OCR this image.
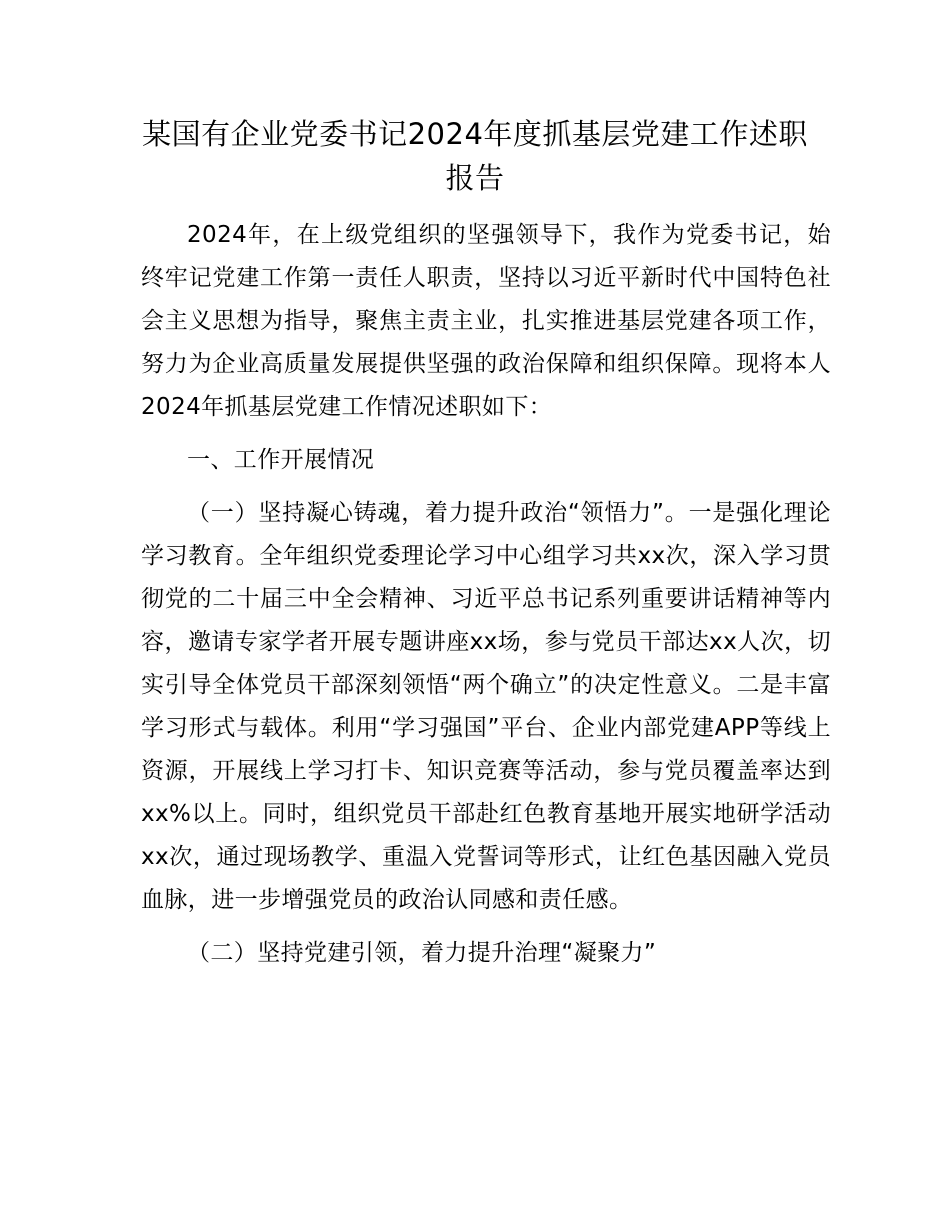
某国有企业党委书记2024年度抓基层党建工作述职报告

2024年，在上级党组织的坚强领导下，我作为党委书记，始终牢记党建工作第一责任人职责，坚持以习近平新时代中国特色社会主义思想为指导，聚焦主责主业，扎实推进基层党建各项工作，努力为企业高质量发展提供坚强的政治保障和组织保障。现将本人2024年抓基层党建工作情况述职如下：

一、工作开展情况

（一）坚持凝心铸魂，着力提升政治“领悟力”。一是强化理论学习教育。全年组织党委理论学习中心组学习共xx次，深入学习贯彻党的二十届三中全会精神、习近平总书记系列重要讲话精神等内容，邀请专家学者开展专题讲座xx场，参与党员干部达xx人次，切实引导全体党员干部深刻领悟“两个确立”的决定性意义。二是丰富学习形式与载体。利用“学习强国”平台、企业内部党建APP等线上资源，开展线上学习打卡、知识竞赛等活动，参与党员覆盖率达到xx%以上。同时，组织党员干部赴红色教育基地开展实地研学活动xx次，通过现场教学、重温入党誓词等形式，让红色基因融入党员血脉，进一步增强党员的政治认同感和责任感。

（二）坚持党建引领，着力提升治理“凝聚力”
